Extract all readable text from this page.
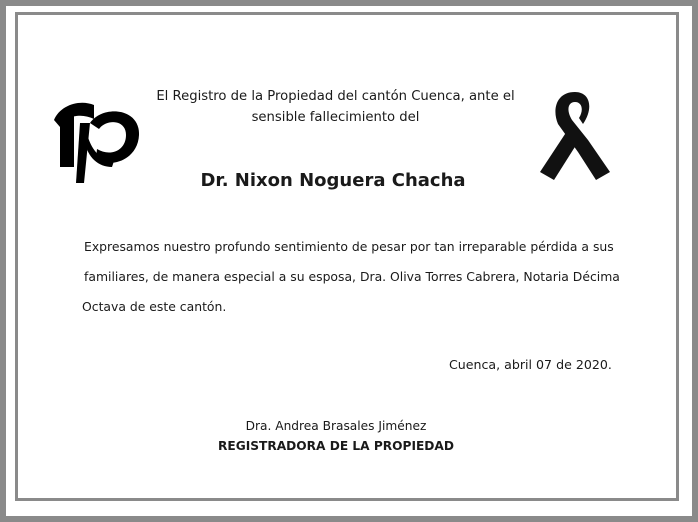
El Registro de la Propiedad del cantón Cuenca, ante el
sensible fallecimiento del
Dr. Nixon Noguera Chacha
Expresamos nuestro profundo sentimiento de pesar por tan irreparable pérdida a sus
familiares, de manera especial a su esposa, Dra. Oliva Torres Cabrera, Notaria Décima
Octava de este cantón.
Cuenca, abril 07 de 2020.
Dra. Andrea Brasales Jiménez
REGISTRADORA DE LA PROPIEDAD
